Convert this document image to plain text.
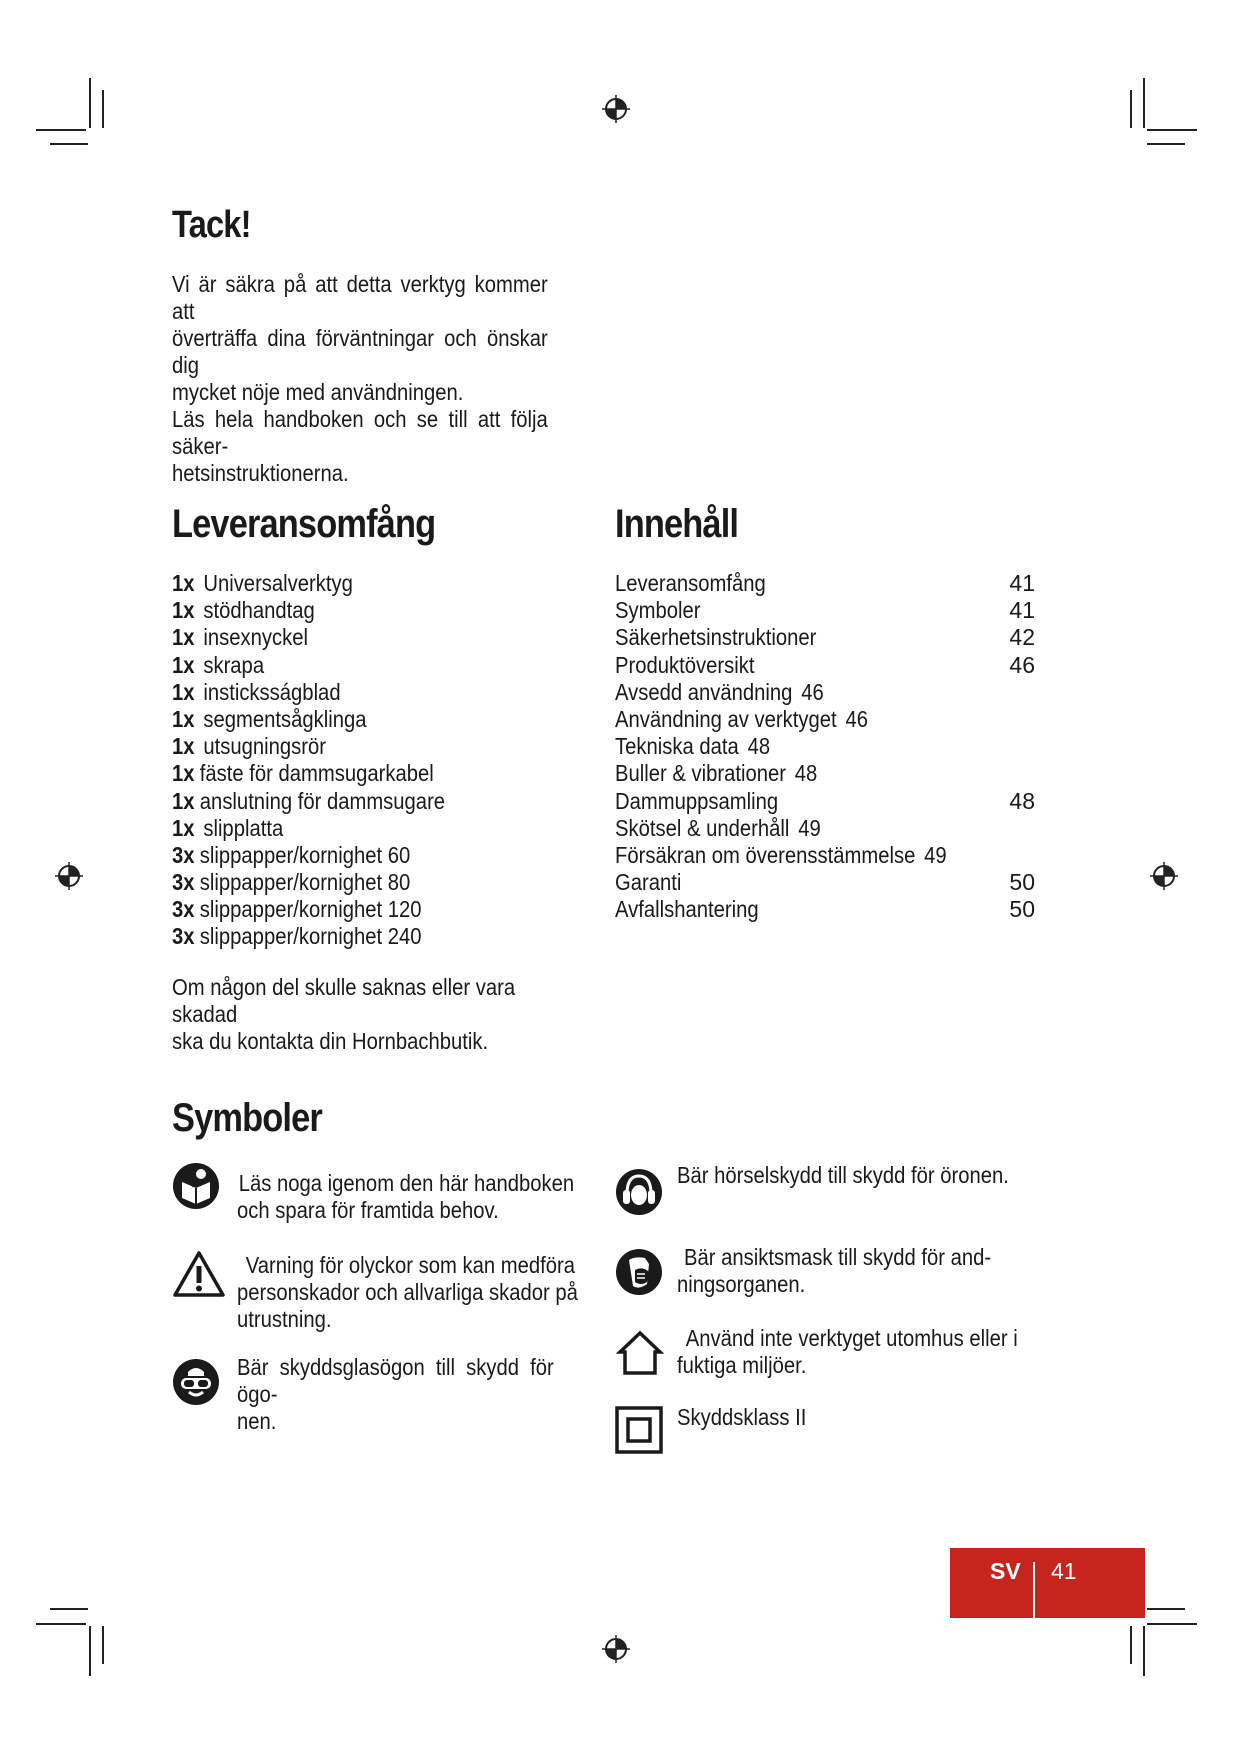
Tack!
Vi är säkra på att detta verktyg kommer att
överträffa dina förväntningar och önskar dig
mycket nöje med användningen.
Läs hela handboken och se till att följa säker-
hetsinstruktionerna.
Leveransomfång
1x Universalverktyg
1x stödhandtag
1x insexnyckel
1x skrapa
1x insticksságblad
1x segmentsågklinga
1x utsugningsrör
1x fäste för dammsugarkabel
1x anslutning för dammsugare
1x slipplatta
3x slippapper/kornighet 60
3x slippapper/kornighet 80
3x slippapper/kornighet 120
3x slippapper/kornighet 240
Om någon del skulle saknas eller vara skadad
ska du kontakta din Hornbachbutik.
Innehåll
Leveransomfång	41
Symboler	41
Säkerhetsinstruktioner	42
Produktöversikt	46
Avsedd användning 46
Användning av verktyget 46
Tekniska data 48
Buller & vibrationer 48
Dammuppsamling	48
Skötsel & underhåll 49
Försäkran om överensstämmelse 49
Garanti	50
Avfallshantering	50
Symboler
Läs noga igenom den här handboken
och spara för framtida behov.
Varning för olyckor som kan medföra
personskador och allvarliga skador på
utrustning.
Bär skyddsglasögon till skydd för ögo-
nen.
Bär hörselskydd till skydd för öronen.
Bär ansiktsmask till skydd för and-
ningsorganen.
Använd inte verktyget utomhus eller i
fuktiga miljöer.
Skyddsklass II
SV 41
